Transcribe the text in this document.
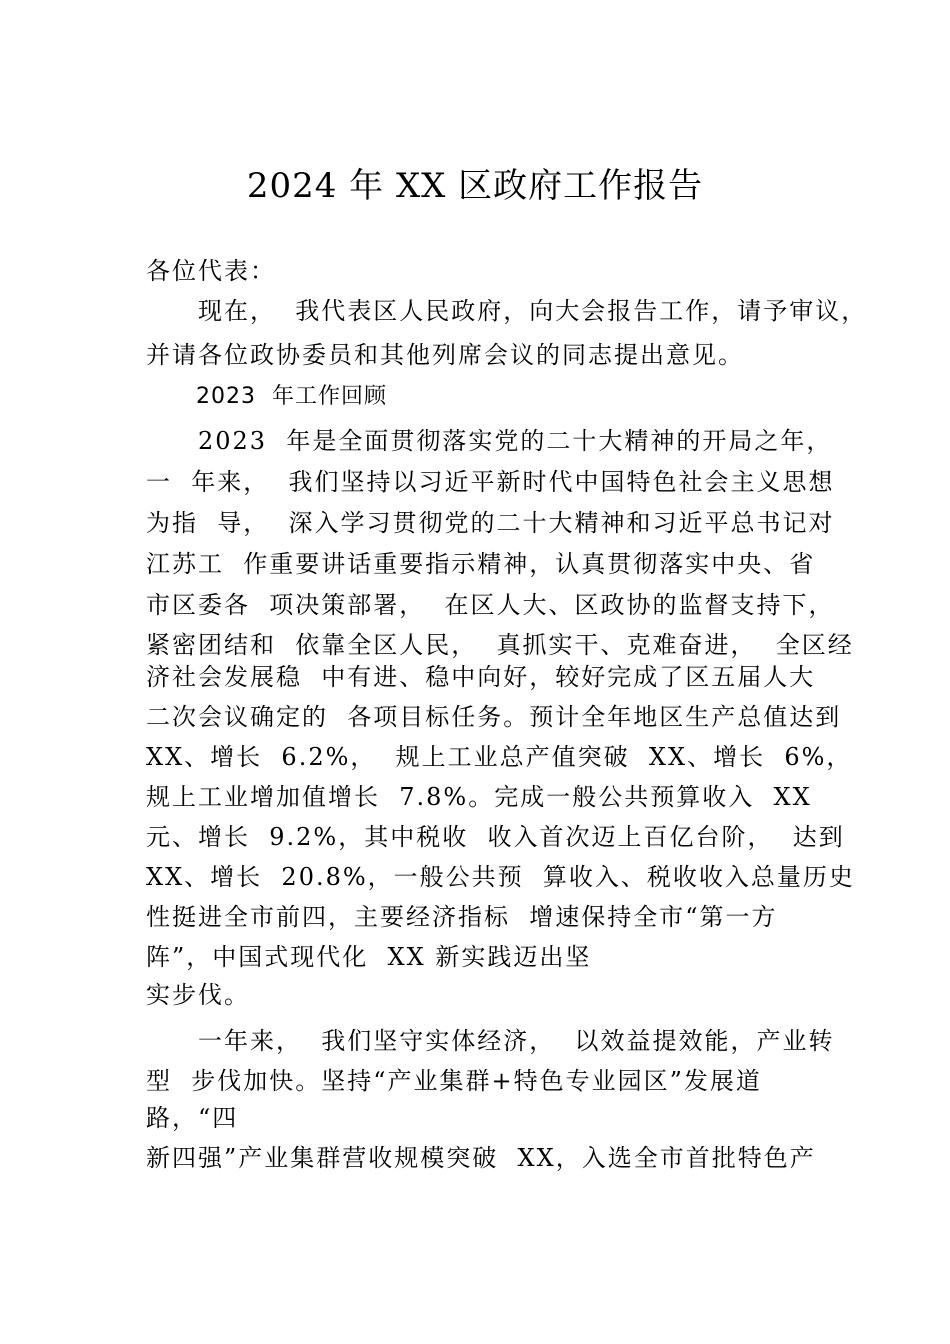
2024 年 XX 区政府工作报告
各位代表：
　　现在，  我代表区人民政府，向大会报告工作，请予审议，
并请各位政协委员和其他列席会议的同志提出意见。
2023  年工作回顾
　　2023  年是全面贯彻落实党的二十大精神的开局之年，
一  年来，  我们坚持以习近平新时代中国特色社会主义思想
为指  导，  深入学习贯彻党的二十大精神和习近平总书记对
江苏工  作重要讲话重要指示精神，认真贯彻落实中央、省
市区委各  项决策部署，  在区人大、区政协的监督支持下，
紧密团结和  依靠全区人民，  真抓实干、克难奋进，  全区经
济社会发展稳  中有进、稳中向好，较好完成了区五届人大
二次会议确定的  各项目标任务。预计全年地区生产总值达到
XX、增长  6.2%，  规上工业总产值突破  XX、增长  6%，
规上工业增加值增长  7.8%。完成一般公共预算收入  XX
元、增长  9.2%，其中税收  收入首次迈上百亿台阶，  达到
XX、增长  20.8%，一般公共预  算收入、税收收入总量历史
性挺进全市前四，主要经济指标  增速保持全市“第一方
阵”，中国式现代化  XX 新实践迈出坚
实步伐。
　　一年来，  我们坚守实体经济，  以效益提效能，产业转
型  步伐加快。坚持“产业集群+特色专业园区”发展道
路，“四
新四强”产业集群营收规模突破  XX，入选全市首批特色产
